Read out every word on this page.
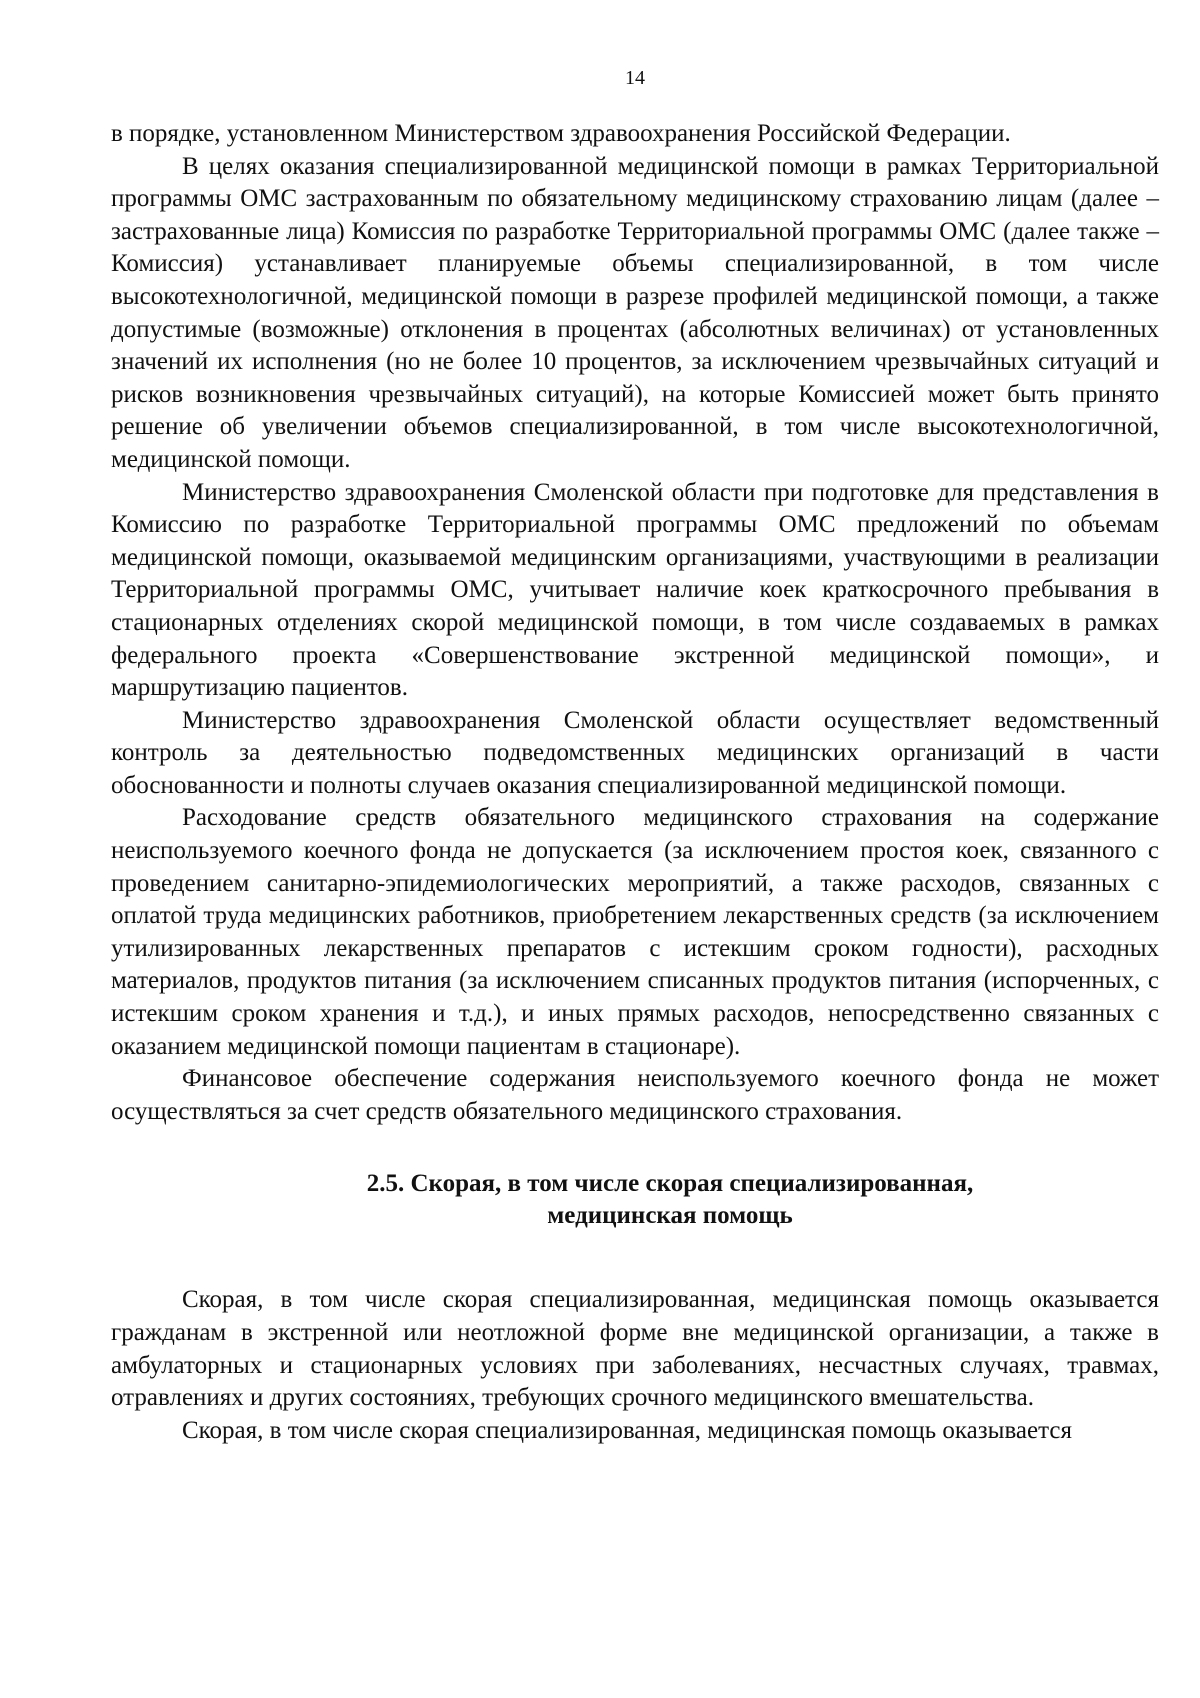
14

в порядке, установленном Министерством здравоохранения Российской Федерации.

В целях оказания специализированной медицинской помощи в рамках Территориальной программы ОМС застрахованным по обязательному медицинскому страхованию лицам (далее – застрахованные лица) Комиссия по разработке Территориальной программы ОМС (далее также – Комиссия) устанавливает планируемые объемы специализированной, в том числе высокотехнологичной, медицинской помощи в разрезе профилей медицинской помощи, а также допустимые (возможные) отклонения в процентах (абсолютных величинах) от установленных значений их исполнения (но не более 10 процентов, за исключением чрезвычайных ситуаций и рисков возникновения чрезвычайных ситуаций), на которые Комиссией может быть принято решение об увеличении объемов специализированной, в том числе высокотехнологичной, медицинской помощи.

Министерство здравоохранения Смоленской области при подготовке для представления в Комиссию по разработке Территориальной программы ОМС предложений по объемам медицинской помощи, оказываемой медицинским организациями, участвующими в реализации Территориальной программы ОМС, учитывает наличие коек краткосрочного пребывания в стационарных отделениях скорой медицинской помощи, в том числе создаваемых в рамках федерального проекта «Совершенствование экстренной медицинской помощи», и маршрутизацию пациентов.

Министерство здравоохранения Смоленской области осуществляет ведомственный контроль за деятельностью подведомственных медицинских организаций в части обоснованности и полноты случаев оказания специализированной медицинской помощи.

Расходование средств обязательного медицинского страхования на содержание неиспользуемого коечного фонда не допускается (за исключением простоя коек, связанного с проведением санитарно-эпидемиологических мероприятий, а также расходов, связанных с оплатой труда медицинских работников, приобретением лекарственных средств (за исключением утилизированных лекарственных препаратов с истекшим сроком годности), расходных материалов, продуктов питания (за исключением списанных продуктов питания (испорченных, с истекшим сроком хранения и т.д.), и иных прямых расходов, непосредственно связанных с оказанием медицинской помощи пациентам в стационаре).

Финансовое обеспечение содержания неиспользуемого коечного фонда не может осуществляться за счет средств обязательного медицинского страхования.

2.5. Скорая, в том числе скорая специализированная,
медицинская помощь

Скорая, в том числе скорая специализированная, медицинская помощь оказывается гражданам в экстренной или неотложной форме вне медицинской организации, а также в амбулаторных и стационарных условиях при заболеваниях, несчастных случаях, травмах, отравлениях и других состояниях, требующих срочного медицинского вмешательства.

Скорая, в том числе скорая специализированная, медицинская помощь оказывается
